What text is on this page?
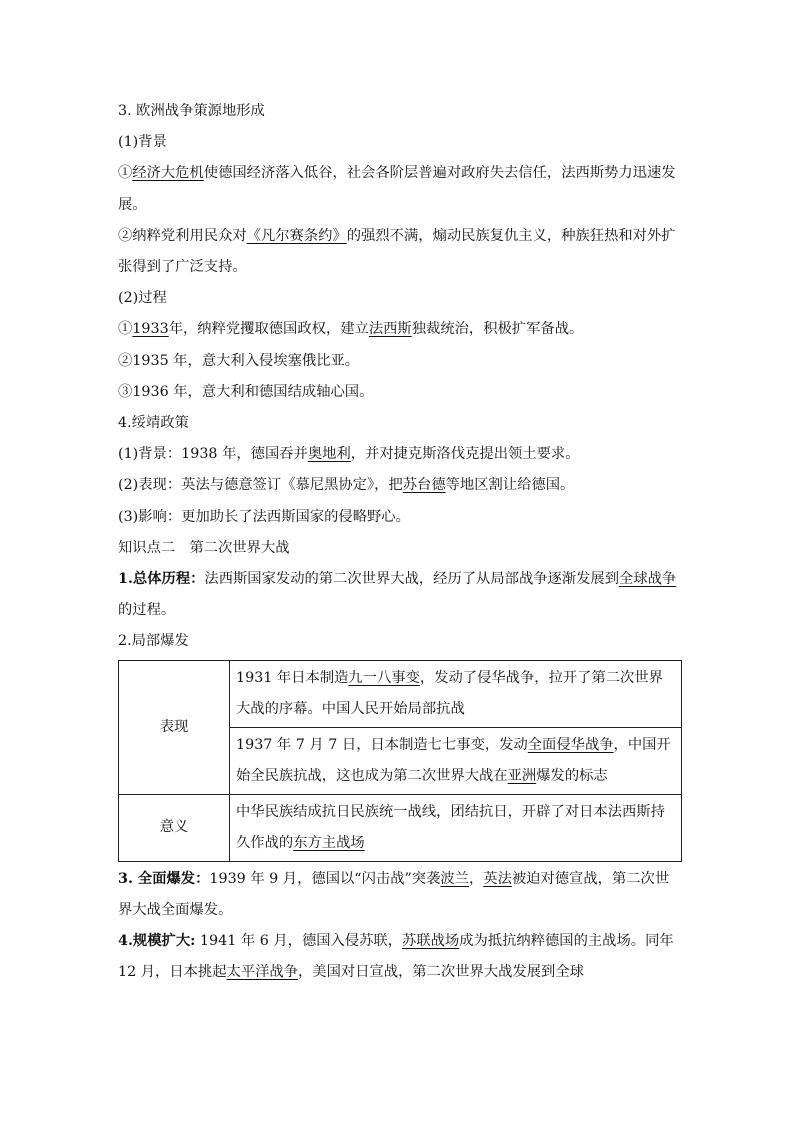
3. 欧洲战争策源地形成

(1)背景

①经济大危机使德国经济落入低谷，社会各阶层普遍对政府失去信任，法西斯势力迅速发展。

②纳粹党利用民众对《凡尔赛条约》的强烈不满，煽动民族复仇主义，种族狂热和对外扩张得到了广泛支持。

(2)过程

①1933年，纳粹党攫取德国政权，建立法西斯独裁统治，积极扩军备战。

②1935 年，意大利入侵埃塞俄比亚。

③1936 年，意大利和德国结成轴心国。

4.绥靖政策

(1)背景：1938 年，德国吞并奥地利，并对捷克斯洛伐克提出领土要求。

(2)表现：英法与德意签订《慕尼黑协定》，把苏台德等地区割让给德国。

(3)影响：更加助长了法西斯国家的侵略野心。

知识点二　第二次世界大战

1.总体历程：法西斯国家发动的第二次世界大战，经历了从局部战争逐渐发展到全球战争的过程。

2.局部爆发

表现	1931 年日本制造九一八事变，发动了侵华战争，拉开了第二次世界大战的序幕。中国人民开始局部抗战
	1937 年 7 月 7 日，日本制造七七事变，发动全面侵华战争，中国开始全民族抗战，这也成为第二次世界大战在亚洲爆发的标志
意义	中华民族结成抗日民族统一战线，团结抗日，开辟了对日本法西斯持久作战的东方主战场

3. 全面爆发：1939 年 9 月，德国以“闪击战”突袭波兰，英法被迫对德宣战，第二次世界大战全面爆发。

4.规模扩大: 1941 年 6 月，德国入侵苏联，苏联战场成为抵抗纳粹德国的主战场。同年 12 月，日本挑起太平洋战争，美国对日宣战，第二次世界大战发展到全球
